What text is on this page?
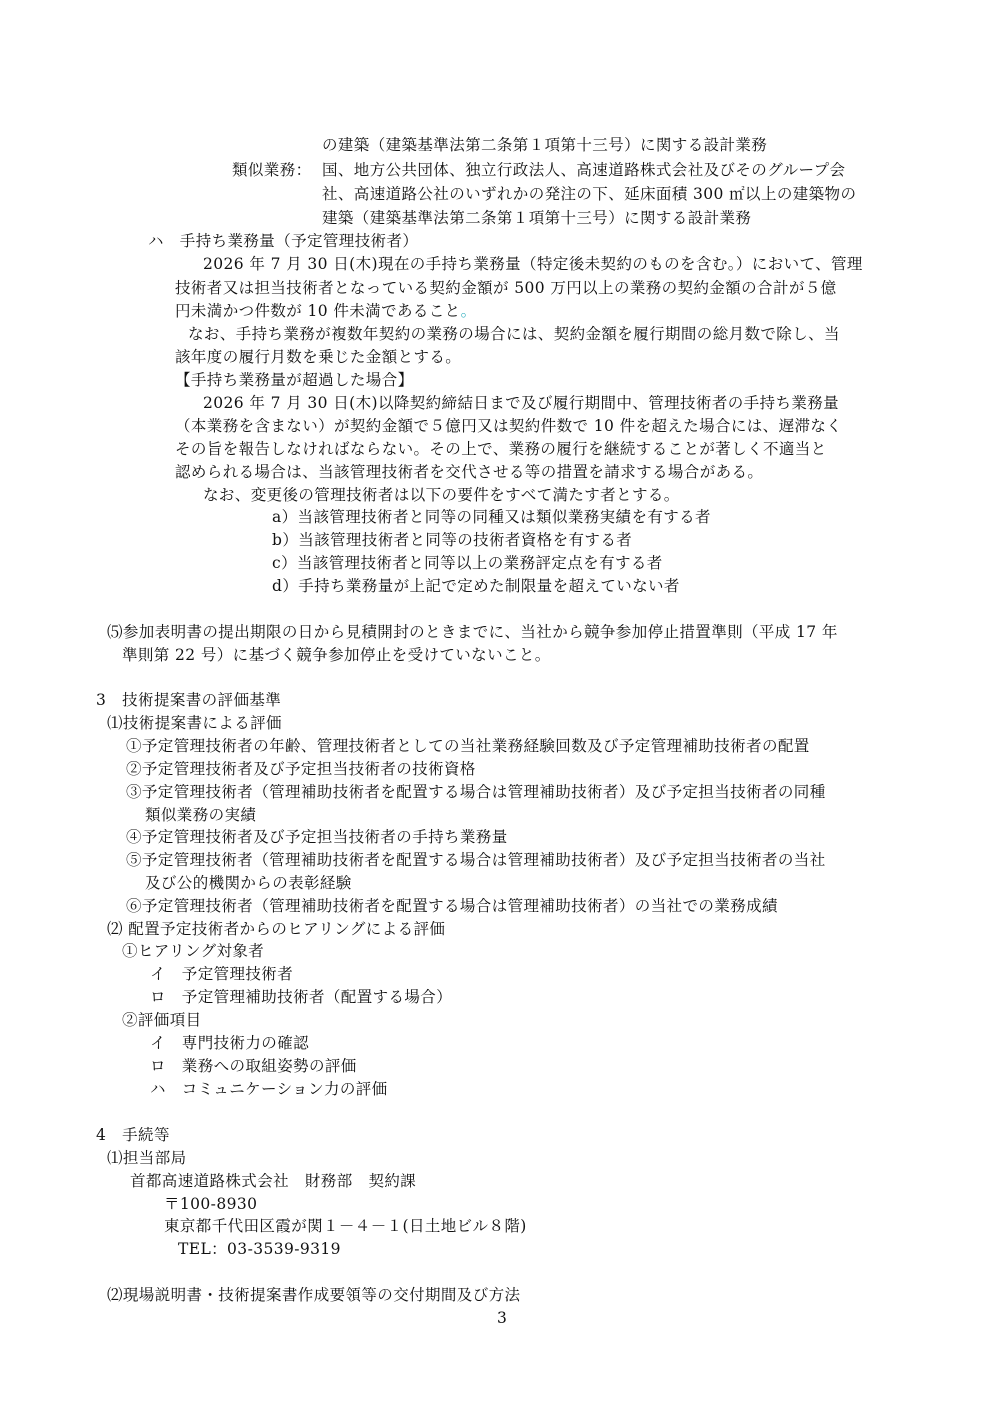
の建築（建築基準法第二条第１項第十三号）に関する設計業務
類似業務： 国、地方公共団体、独立行政法人、高速道路株式会社及びそのグループ会
社、高速道路公社のいずれかの発注の下、延床面積 300 ㎡以上の建築物の
建築（建築基準法第二条第１項第十三号）に関する設計業務
ハ　手持ち業務量（予定管理技術者）
2026 年 7 月 30 日(木)現在の手持ち業務量（特定後未契約のものを含む。）において、管理
技術者又は担当技術者となっている契約金額が 500 万円以上の業務の契約金額の合計が５億
円未満かつ件数が 10 件未満であること。
なお、手持ち業務が複数年契約の業務の場合には、契約金額を履行期間の総月数で除し、当
該年度の履行月数を乗じた金額とする。
【手持ち業務量が超過した場合】
2026 年 7 月 30 日(木)以降契約締結日まで及び履行期間中、管理技術者の手持ち業務量
（本業務を含まない）が契約金額で５億円又は契約件数で 10 件を超えた場合には、遅滞なく
その旨を報告しなければならない。その上で、業務の履行を継続することが著しく不適当と
認められる場合は、当該管理技術者を交代させる等の措置を請求する場合がある。
なお、変更後の管理技術者は以下の要件をすべて満たす者とする。
a）当該管理技術者と同等の同種又は類似業務実績を有する者
b）当該管理技術者と同等の技術者資格を有する者
c）当該管理技術者と同等以上の業務評定点を有する者
d）手持ち業務量が上記で定めた制限量を超えていない者
⑸参加表明書の提出期限の日から見積開封のときまでに、当社から競争参加停止措置準則（平成 17 年
準則第 22 号）に基づく競争参加停止を受けていないこと。
3　技術提案書の評価基準
⑴技術提案書による評価
①予定管理技術者の年齢、管理技術者としての当社業務経験回数及び予定管理補助技術者の配置
②予定管理技術者及び予定担当技術者の技術資格
③予定管理技術者（管理補助技術者を配置する場合は管理補助技術者）及び予定担当技術者の同種
類似業務の実績
④予定管理技術者及び予定担当技術者の手持ち業務量
⑤予定管理技術者（管理補助技術者を配置する場合は管理補助技術者）及び予定担当技術者の当社
及び公的機関からの表彰経験
⑥予定管理技術者（管理補助技術者を配置する場合は管理補助技術者）の当社での業務成績
⑵ 配置予定技術者からのヒアリングによる評価
①ヒアリング対象者
イ　予定管理技術者
ロ　予定管理補助技術者（配置する場合）
②評価項目
イ　専門技術力の確認
ロ　業務への取組姿勢の評価
ハ　コミュニケーション力の評価
4　手続等
⑴担当部局
首都高速道路株式会社　財務部　契約課
〒100-8930
東京都千代田区霞が関１－４－１(日土地ビル８階)
TEL：03-3539-9319
⑵現場説明書・技術提案書作成要領等の交付期間及び方法
3
